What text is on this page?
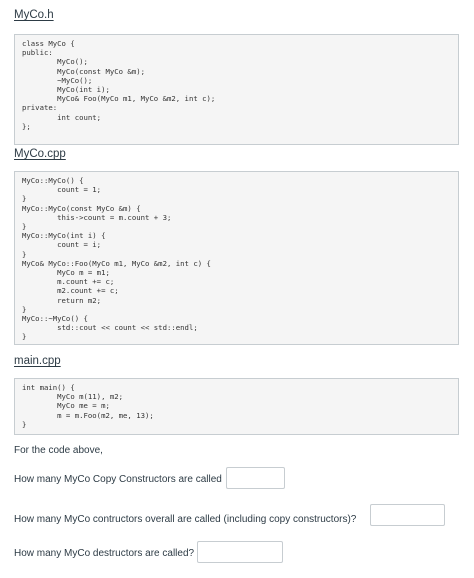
MyCo.h
class MyCo {
public:
MyCo();
MyCo(const MyCo &m);
~MyCo();
MyCo(int i);
MyCo& Foo(MyCo m1, MyCo &m2, int c);
private:
int count;
};
MyCo.cpp
MyCo::MyCo() {
count = 1;
}
MyCo::MyCo(const MyCo &m) {
this->count = m.count + 3;
}
MyCo::MyCo(int i) {
count = i;
}
MyCo& MyCo::Foo(MyCo m1, MyCo &m2, int c) {
MyCo m = m1;
m.count += c;
m2.count += c;
return m2;
}
MyCo::~MyCo() {
std::cout << count << std::endl;
}
main.cpp
int main() {
MyCo m(11), m2;
MyCo me = m;
m = m.Foo(m2, me, 13);
}
For the code above,
How many MyCo Copy Constructors are called
How many MyCo contructors overall are called (including copy constructors)?
How many MyCo destructors are called?
